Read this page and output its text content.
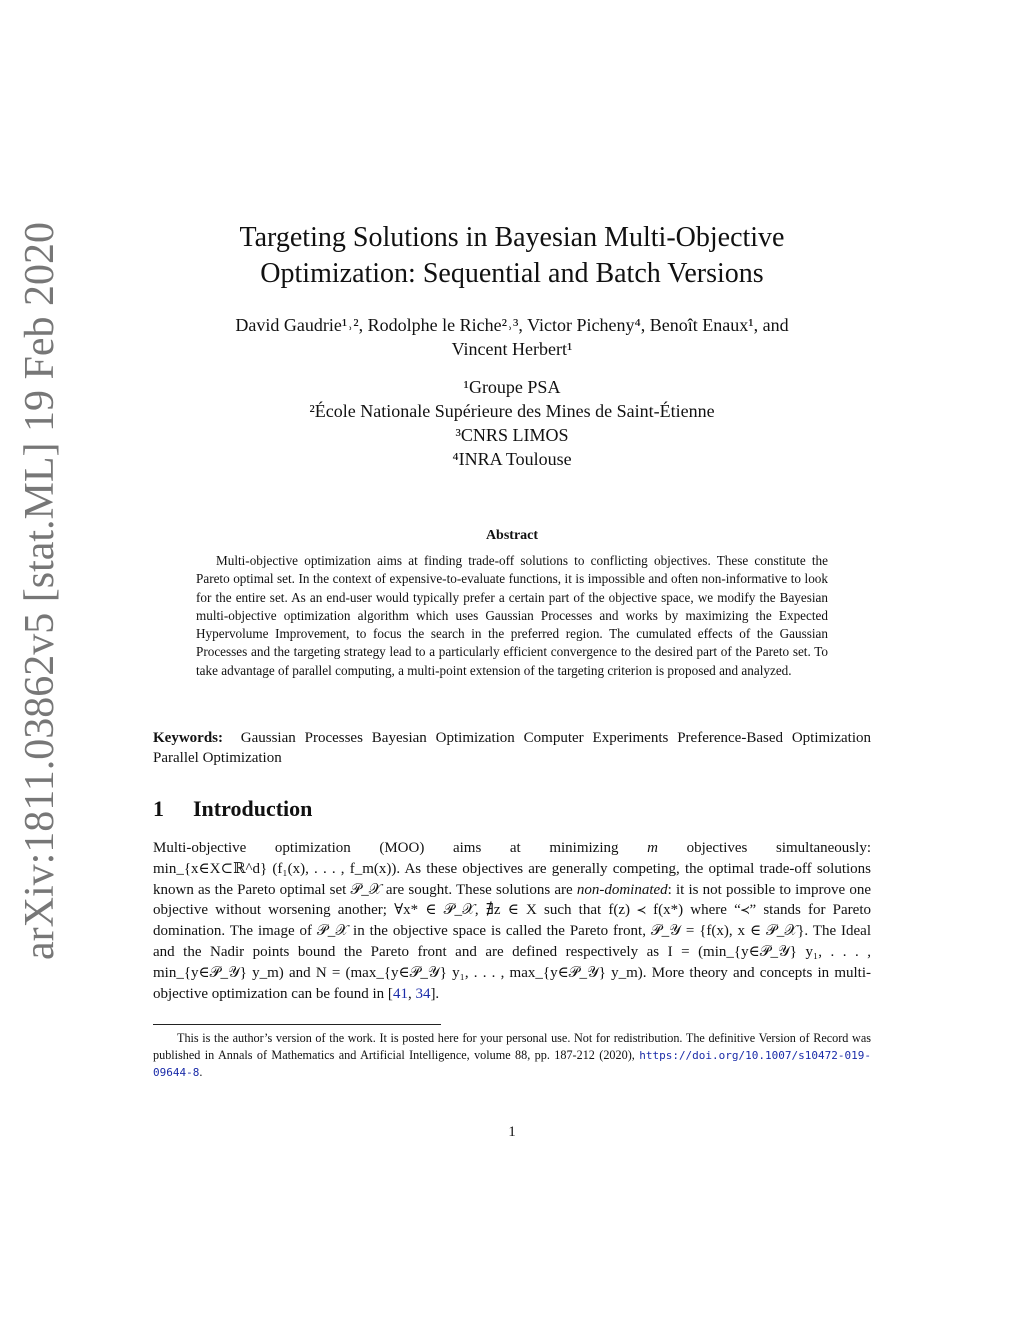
arXiv:1811.03862v5 [stat.ML] 19 Feb 2020	Targeting Solutions in Bayesian Multi-Objective
Optimization: Sequential and Batch Versions
David Gaudrie¹˒², Rodolphe le Riche²˒³, Victor Picheny⁴, Benoît Enaux¹, and
Vincent Herbert¹
¹Groupe PSA
²École Nationale Supérieure des Mines de Saint-Étienne
³CNRS LIMOS
⁴INRA Toulouse
Abstract
Multi-objective optimization aims at finding trade-off solutions to conflicting objectives. These constitute the Pareto optimal set. In the context of expensive-to-evaluate functions, it is impossible and often non-informative to look for the entire set. As an end-user would typically prefer a certain part of the objective space, we modify the Bayesian multi-objective optimization algorithm which uses Gaussian Processes and works by maximizing the Expected Hypervolume Improvement, to focus the search in the preferred region. The cumulated effects of the Gaussian Processes and the targeting strategy lead to a particularly efficient convergence to the desired part of the Pareto set. To take advantage of parallel computing, a multi-point extension of the targeting criterion is proposed and analyzed.
Keywords: Gaussian Processes Bayesian Optimization Computer Experiments Preference-Based Optimization Parallel Optimization
1 Introduction
Multi-objective optimization (MOO) aims at minimizing m objectives simultaneously: min_{x∈X⊂ℝ^d} (f₁(x), . . . , f_m(x)). As these objectives are generally competing, the optimal trade-off solutions known as the Pareto optimal set 𝒫_𝒳 are sought. These solutions are non-dominated: it is not possible to improve one objective without worsening another; ∀x* ∈ 𝒫_𝒳, ∄z ∈ X such that f(z) ≺ f(x*) where “≺” stands for Pareto domination. The image of 𝒫_𝒳 in the objective space is called the Pareto front, 𝒫_𝒴 = {f(x), x ∈ 𝒫_𝒳}. The Ideal and the Nadir points bound the Pareto front and are defined respectively as I = (min_{y∈𝒫_𝒴} y₁, . . . , min_{y∈𝒫_𝒴} y_m) and N = (max_{y∈𝒫_𝒴} y₁, . . . , max_{y∈𝒫_𝒴} y_m). More theory and concepts in multi-objective optimization can be found in [41, 34].
This is the author’s version of the work. It is posted here for your personal use. Not for redistribution. The definitive Version of Record was published in Annals of Mathematics and Artificial Intelligence, volume 88, pp. 187-212 (2020), https://doi.org/10.1007/s10472-019-09644-8.
1
